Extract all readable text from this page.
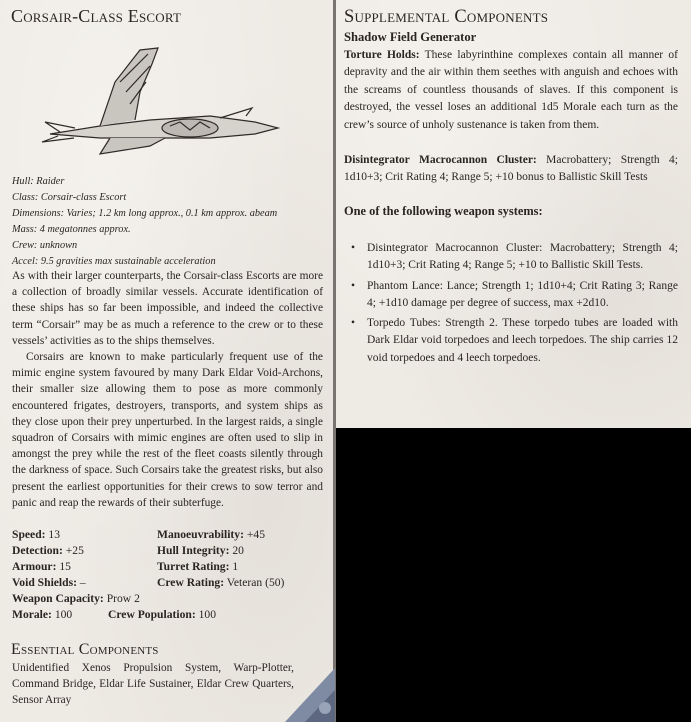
Corsair-Class Escort
Hull: Raider
Class: Corsair-class Escort
Dimensions: Varies; 1.2 km long approx., 0.1 km approx. abeam
Mass: 4 megatonnes approx.
Crew: unknown
Accel: 9.5 gravities max sustainable acceleration

As with their larger counterparts, the Corsair-class Escorts are more a collection of broadly similar vessels. Accurate identification of these ships has so far been impossible, and indeed the collective term “Corsair” may be as much a reference to the crew or to these vessels’ activities as to the ships themselves.

Corsairs are known to make particularly frequent use of the mimic engine system favoured by many Dark Eldar Void-Archons, their smaller size allowing them to pose as more commonly encountered frigates, destroyers, transports, and system ships as they close upon their prey unperturbed. In the largest raids, a single squadron of Corsairs with mimic engines are often used to slip in amongst the prey while the rest of the fleet coasts silently through the darkness of space. Such Corsairs take the greatest risks, but also present the earliest opportunities for their crews to sow terror and panic and reap the rewards of their subterfuge.

Speed: 13	Manoeuvrability: +45
Detection: +25	Hull Integrity: 20
Armour: 15	Turret Rating: 1
Void Shields: –	Crew Rating: Veteran (50)
Weapon Capacity: Prow 2
Morale: 100	Crew Population: 100
Essential Components

Unidentified Xenos Propulsion System, Warp-Plotter, Command Bridge, Eldar Life Sustainer, Eldar Crew Quarters, Sensor Array

Supplemental Components
Shadow Field Generator

Torture Holds: These labyrinthine complexes contain all manner of depravity and the air within them seethes with anguish and echoes with the screams of countless thousands of slaves. If this component is destroyed, the vessel loses an additional 1d5 Morale each turn as the crew’s source of unholy sustenance is taken from them.

Disintegrator Macrocannon Cluster: Macrobattery; Strength 4; 1d10+3; Crit Rating 4; Range 5; +10 bonus to Ballistic Skill Tests

One of the following weapon systems:
• Disintegrator Macrocannon Cluster: Macrobattery; Strength 4; 1d10+3; Crit Rating 4; Range 5; +10 to Ballistic Skill Tests.
• Phantom Lance: Lance; Strength 1; 1d10+4; Crit Rating 3; Range 4; +1d10 damage per degree of success, max +2d10.
• Torpedo Tubes: Strength 2. These torpedo tubes are loaded with Dark Eldar void torpedoes and leech torpedoes. The ship carries 12 void torpedoes and 4 leech torpedoes.
